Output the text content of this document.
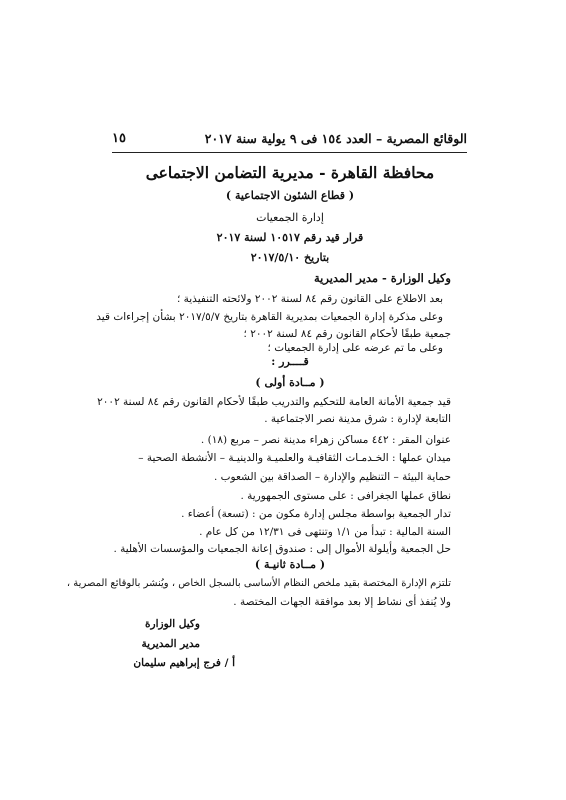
الوقائع المصرية – العدد ١٥٤ فى ٩ يولية سنة ٢٠١٧
١٥
محافظة القاهرة - مديرية التضامن الاجتماعى
( قطاع الشئون الاجتماعية )
إدارة الجمعيات
قرار قيد رقم ١٠٥١٧ لسنة ٢٠١٧
بتاريخ ٢٠١٧/٥/١٠
وكيل الوزارة - مدير المديرية
بعد الاطلاع على القانون رقم ٨٤ لسنة ٢٠٠٢ ولائحته التنفيذية ؛
وعلى مذكرة إدارة الجمعيات بمديرية القاهرة بتاريخ ٢٠١٧/٥/٧ بشأن إجراءات قيد
جمعية طبقًا لأحكام القانون رقم ٨٤ لسنة ٢٠٠٢ ؛
وعلى ما تم عرضه على إدارة الجمعيات ؛
قــــرر :
( مــادة أولى )
قيد جمعية الأمانة العامة للتحكيم والتدريب طبقًا لأحكام القانون رقم ٨٤ لسنة ٢٠٠٢
التابعة لإدارة : شرق مدينة نصر الاجتماعية .
عنوان المقر : ٤٤٢ مساكن زهراء مدينة نصر – مربع (١٨) .
ميدان عملها : الخـدمـات الثقافيـة والعلميـة والدينيـة – الأنشطة الصحية –
حماية البيئة – التنظيم والإدارة – الصداقة بين الشعوب .
نطاق عملها الجغرافى : على مستوى الجمهورية .
تدار الجمعية بواسطة مجلس إدارة مكون من : (تسعة) أعضاء .
السنة المالية : تبدأ من ١/١ وتنتهى فى ١٢/٣١ من كل عام .
حل الجمعية وأيلولة الأموال إلى : صندوق إعانة الجمعيات والمؤسسات الأهلية .
( مــادة ثانيـة )
تلتزم الإدارة المختصة بقيد ملخص النظام الأساسى بالسجل الخاص ، ويُنشر بالوقائع المصرية ،
ولا يُنفذ أى نشاط إلا بعد موافقة الجهات المختصة .
وكيل الوزارة
مدير المديرية
أ / فرج إبراهيم سليمان
